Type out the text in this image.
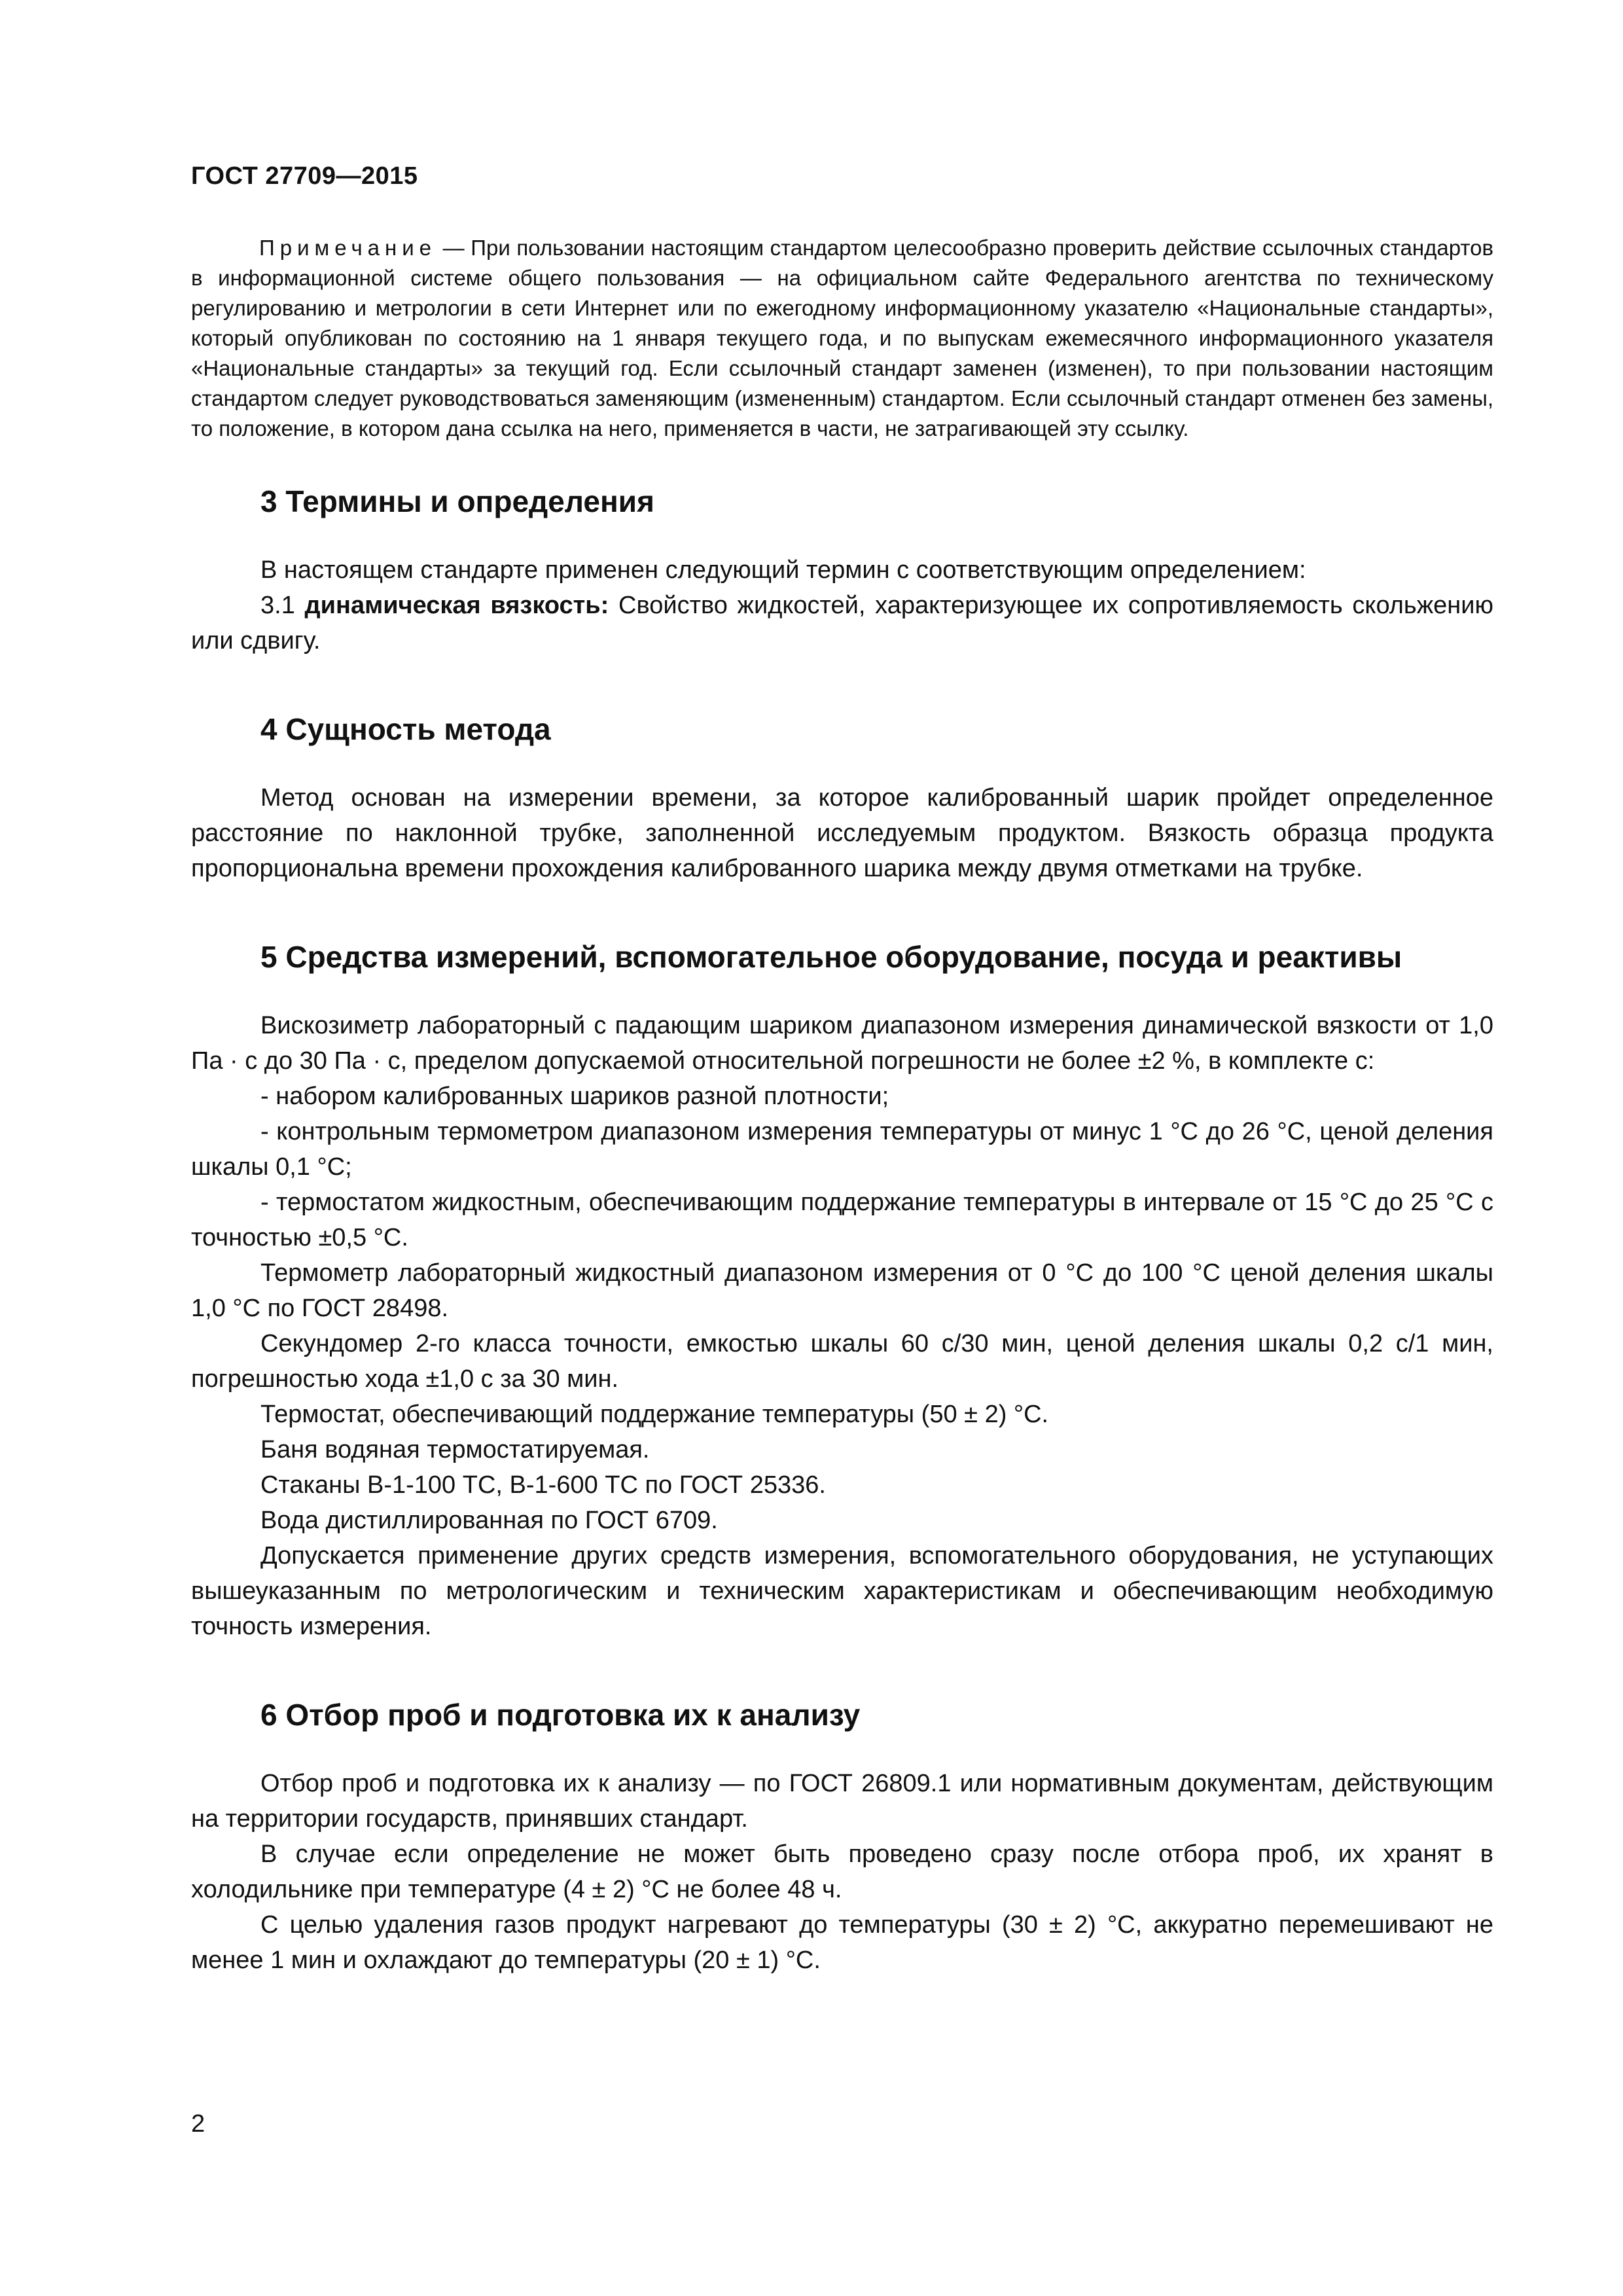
ГОСТ 27709—2015

Примечание — При пользовании настоящим стандартом целесообразно проверить действие ссылочных стандартов в информационной системе общего пользования — на официальном сайте Федерального агентства по техническому регулированию и метрологии в сети Интернет или по ежегодному информационному указателю «Национальные стандарты», который опубликован по состоянию на 1 января текущего года, и по выпускам ежемесячного информационного указателя «Национальные стандарты» за текущий год. Если ссылочный стандарт заменен (изменен), то при пользовании настоящим стандартом следует руководствоваться заменяющим (измененным) стандартом. Если ссылочный стандарт отменен без замены, то положение, в котором дана ссылка на него, применяется в части, не затрагивающей эту ссылку.

3 Термины и определения

В настоящем стандарте применен следующий термин с соответствующим определением:

3.1 динамическая вязкость: Свойство жидкостей, характеризующее их сопротивляемость скольжению или сдвигу.

4 Сущность метода

Метод основан на измерении времени, за которое калиброванный шарик пройдет определенное расстояние по наклонной трубке, заполненной исследуемым продуктом. Вязкость образца продукта пропорциональна времени прохождения калиброванного шарика между двумя отметками на трубке.

5 Средства измерений, вспомогательное оборудование, посуда и реактивы

Вискозиметр лабораторный с падающим шариком диапазоном измерения динамической вязкости от 1,0 Па · с до 30 Па · с, пределом допускаемой относительной погрешности не более ±2 %, в комплекте с:

- набором калиброванных шариков разной плотности;

- контрольным термометром диапазоном измерения температуры от минус 1 °C до 26 °C, ценой деления шкалы 0,1 °C;

- термостатом жидкостным, обеспечивающим поддержание температуры в интервале от 15 °C до 25 °C с точностью ±0,5 °C.

Термометр лабораторный жидкостный диапазоном измерения от 0 °C до 100 °C ценой деления шкалы 1,0 °C по ГОСТ 28498.

Секундомер 2-го класса точности, емкостью шкалы 60 с/30 мин, ценой деления шкалы 0,2 с/1 мин, погрешностью хода ±1,0 с за 30 мин.

Термостат, обеспечивающий поддержание температуры (50 ± 2) °C.

Баня водяная термостатируемая.

Стаканы В-1-100 ТС, В-1-600 ТС по ГОСТ 25336.

Вода дистиллированная по ГОСТ 6709.

Допускается применение других средств измерения, вспомогательного оборудования, не уступающих вышеуказанным по метрологическим и техническим характеристикам и обеспечивающим необходимую точность измерения.

6 Отбор проб и подготовка их к анализу

Отбор проб и подготовка их к анализу — по ГОСТ 26809.1 или нормативным документам, действующим на территории государств, принявших стандарт.

В случае если определение не может быть проведено сразу после отбора проб, их хранят в холодильнике при температуре (4 ± 2) °C не более 48 ч.

С целью удаления газов продукт нагревают до температуры (30 ± 2) °C, аккуратно перемешивают не менее 1 мин и охлаждают до температуры (20 ± 1) °C.

2
